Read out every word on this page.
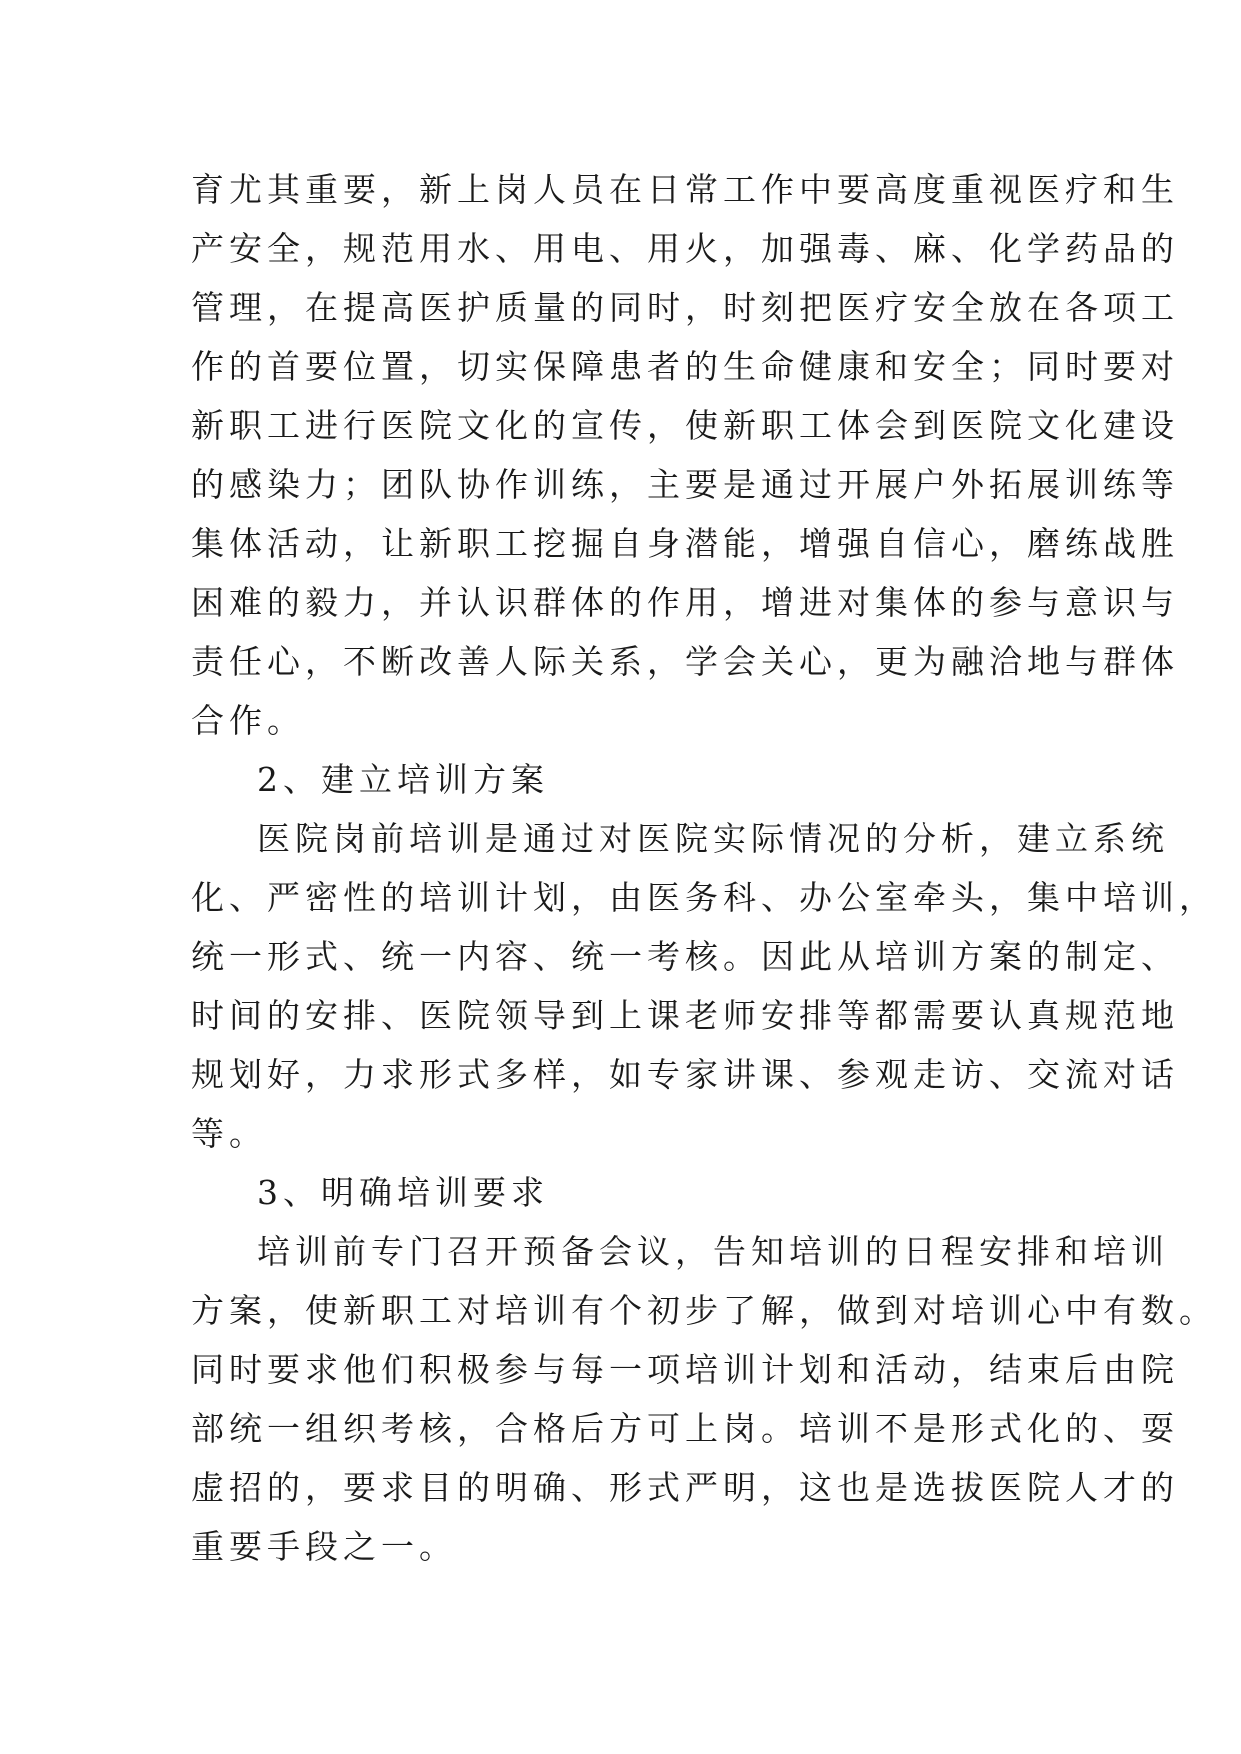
育尤其重要，新上岗人员在日常工作中要高度重视医疗和生
产安全，规范用水、用电、用火，加强毒、麻、化学药品的
管理，在提高医护质量的同时，时刻把医疗安全放在各项工
作的首要位置，切实保障患者的生命健康和安全；同时要对
新职工进行医院文化的宣传，使新职工体会到医院文化建设
的感染力；团队协作训练，主要是通过开展户外拓展训练等
集体活动，让新职工挖掘自身潜能，增强自信心，磨练战胜
困难的毅力，并认识群体的作用，增进对集体的参与意识与
责任心，不断改善人际关系，学会关心，更为融洽地与群体
合作。
2、建立培训方案
医院岗前培训是通过对医院实际情况的分析，建立系统
化、严密性的培训计划，由医务科、办公室牵头，集中培训，
统一形式、统一内容、统一考核。因此从培训方案的制定、
时间的安排、医院领导到上课老师安排等都需要认真规范地
规划好，力求形式多样，如专家讲课、参观走访、交流对话
等。
3、明确培训要求
培训前专门召开预备会议，告知培训的日程安排和培训
方案，使新职工对培训有个初步了解，做到对培训心中有数。
同时要求他们积极参与每一项培训计划和活动，结束后由院
部统一组织考核，合格后方可上岗。培训不是形式化的、耍
虚招的，要求目的明确、形式严明，这也是选拔医院人才的
重要手段之一。
